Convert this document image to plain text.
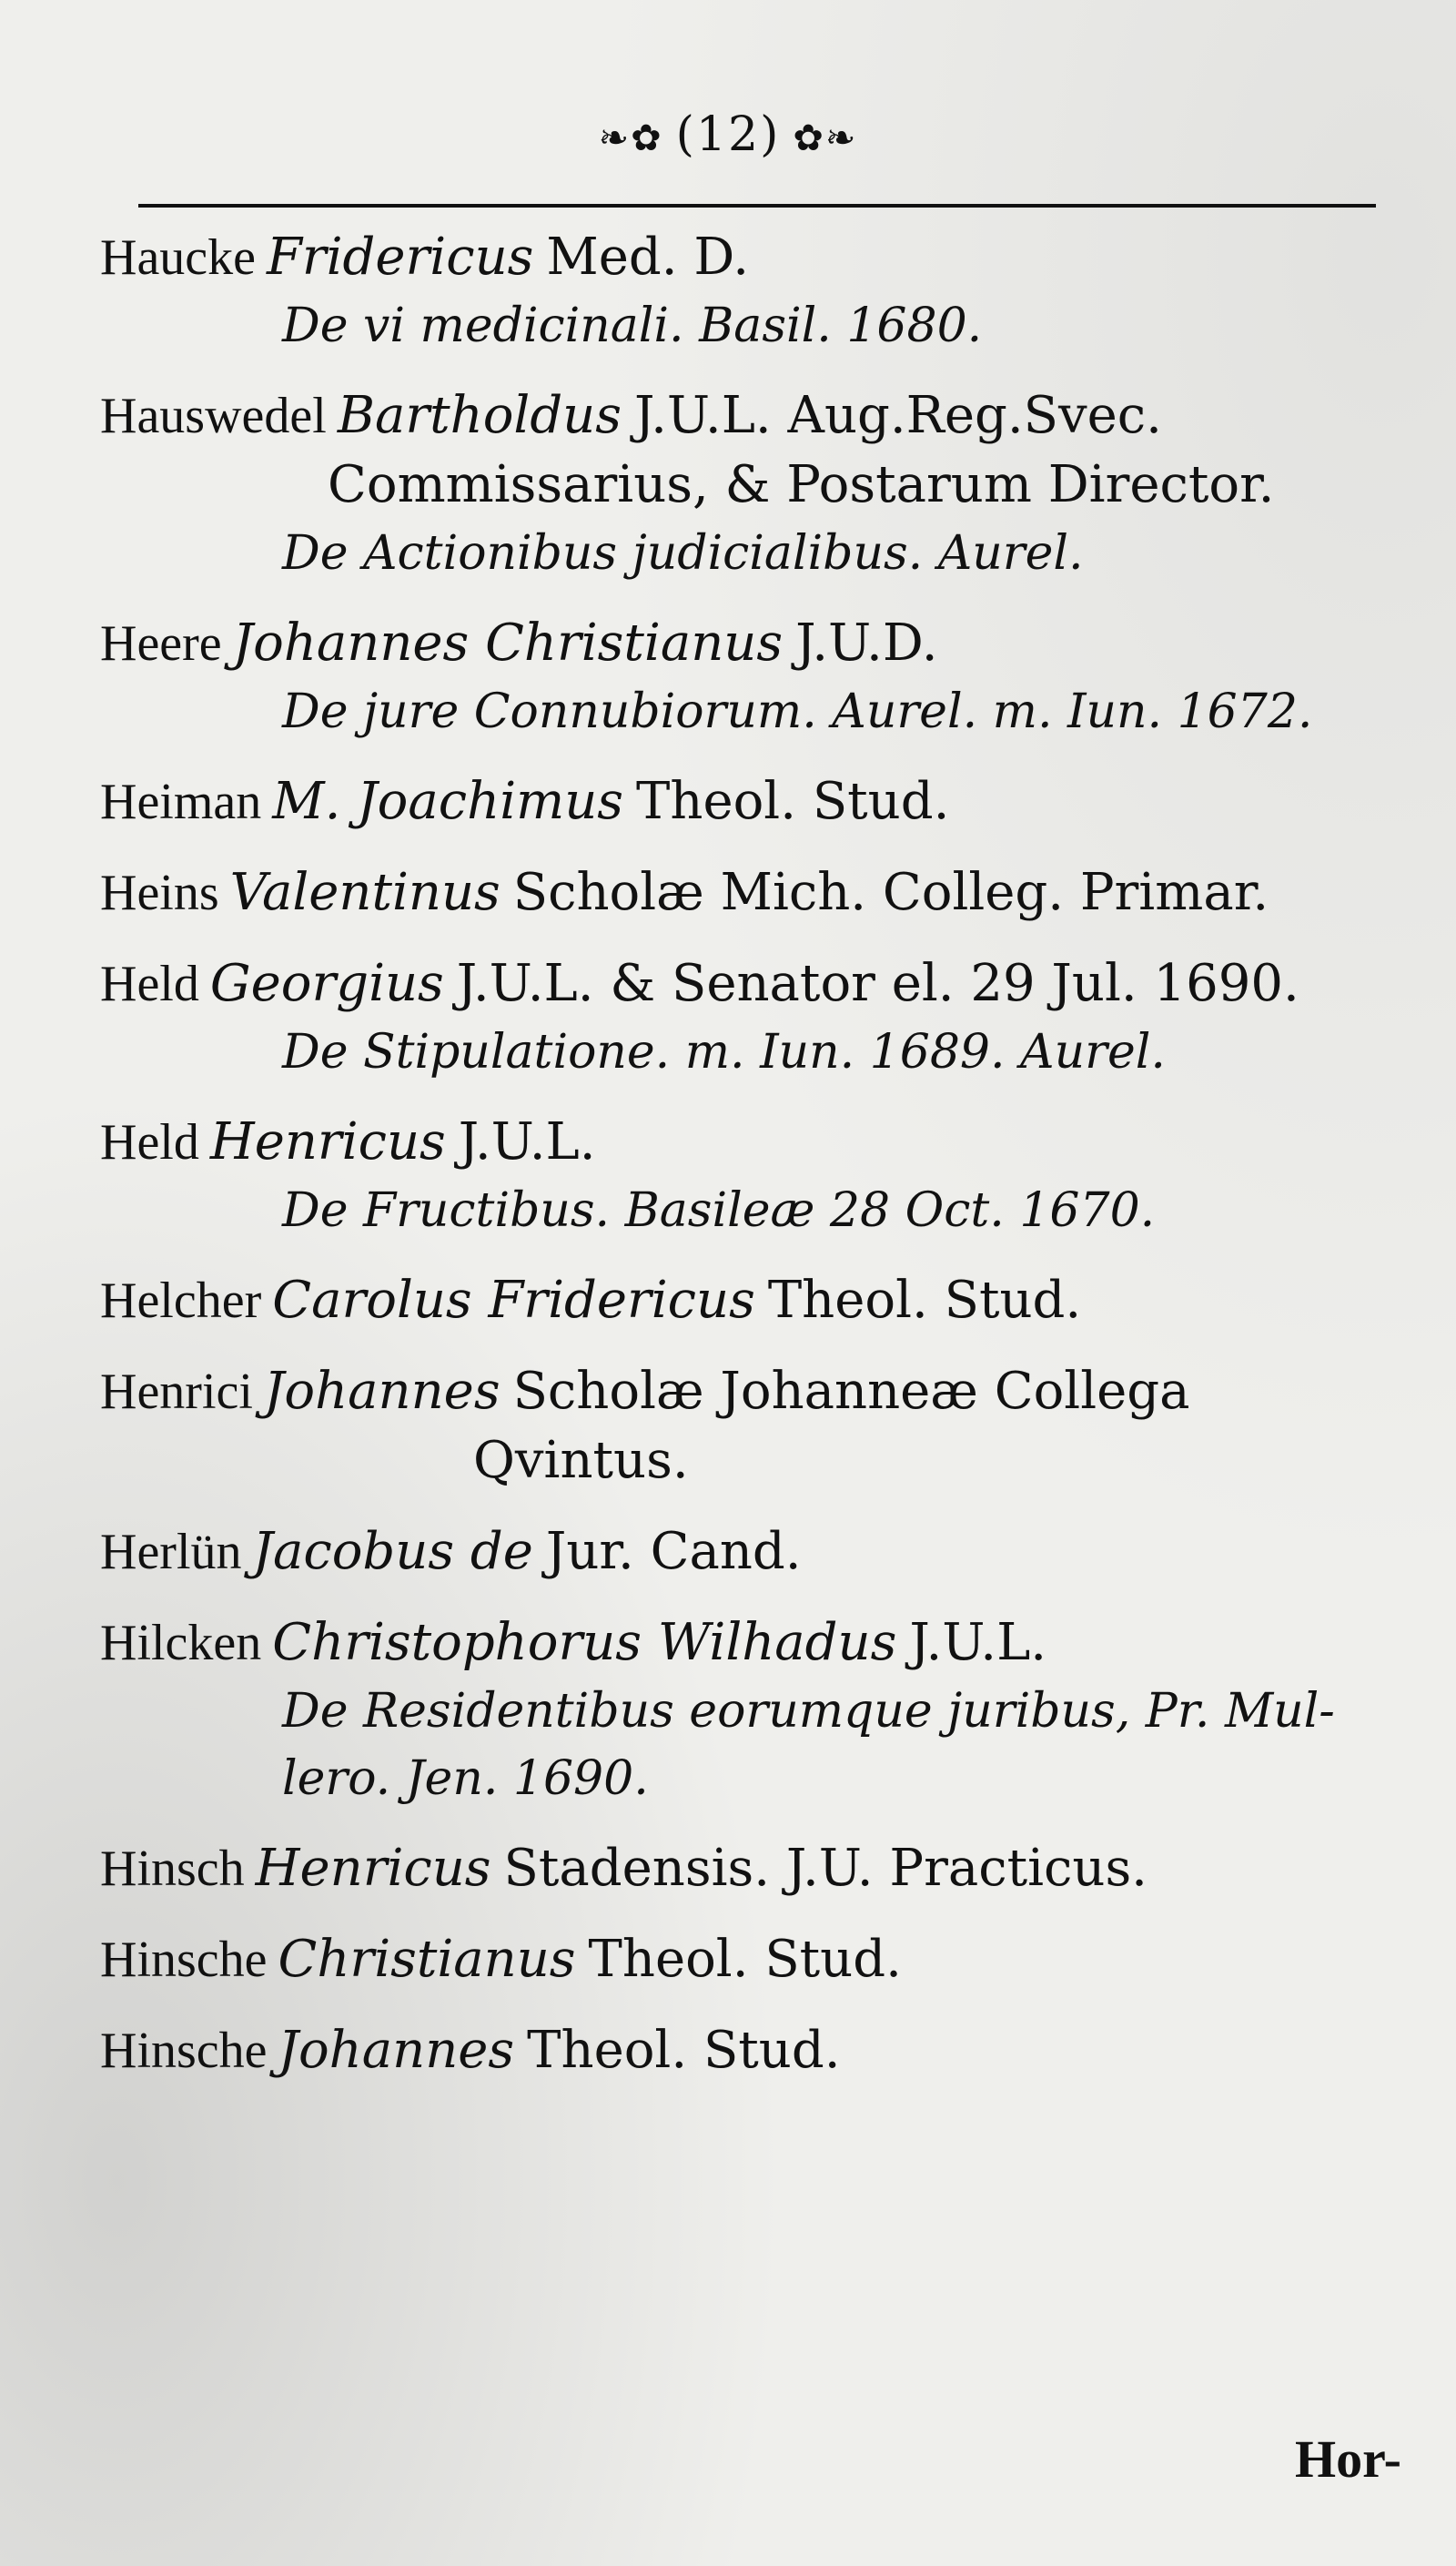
❧✿ (12) ✿❧
Haucke Fridericus Med. D.
De vi medicinali. Basil. 1680.
Hauswedel Bartholdus J.U.L. Aug.Reg.Svec.
Commissarius, & Postarum Director.
De Actionibus judicialibus. Aurel.
Heere Johannes Christianus J.U.D.
De jure Connubiorum. Aurel. m. Iun. 1672.
Heiman M. Joachimus Theol. Stud.
Heins Valentinus Scholæ Mich. Colleg. Primar.
Held Georgius J.U.L. & Senator el. 29 Jul. 1690.
De Stipulatione. m. Iun. 1689. Aurel.
Held Henricus J.U.L.
De Fructibus. Basileæ 28 Oct. 1670.
Helcher Carolus Fridericus Theol. Stud.
Henrici Johannes Scholæ Johanneæ Collega
Qvintus.
Herlün Jacobus de Jur. Cand.
Hilcken Christophorus Wilhadus J.U.L.
De Residentibus eorumque juribus, Pr. Mul-
lero. Jen. 1690.
Hinsch Henricus Stadensis. J.U. Practicus.
Hinsche Christianus Theol. Stud.
Hinsche Johannes Theol. Stud.
Hor-
